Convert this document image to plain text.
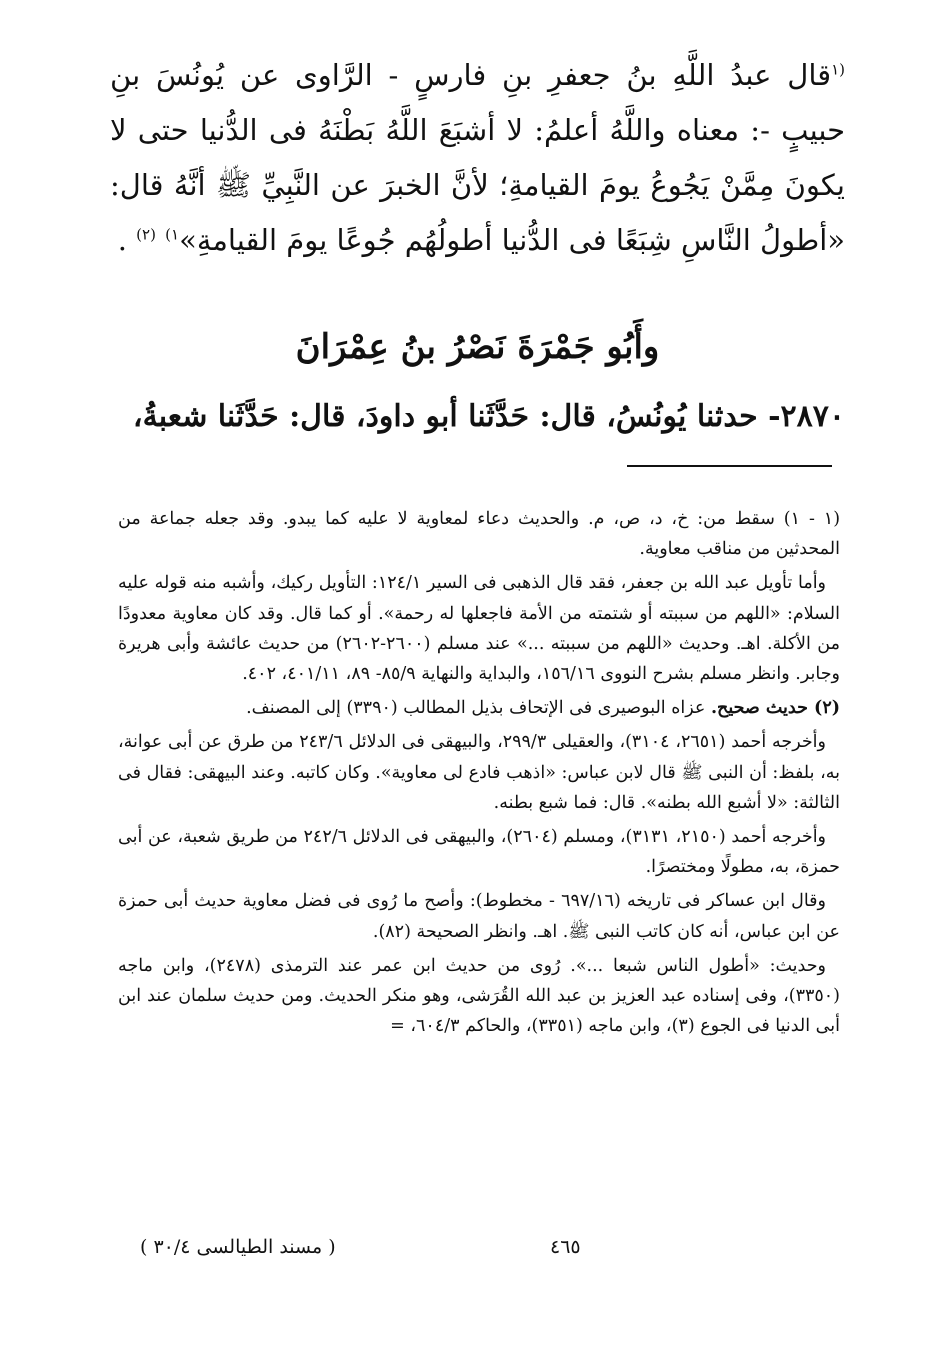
$^{(١}$قال عبدُ اللَّهِ بنُ جعفرِ بنِ فارسٍ - الرَّاوى عن يُونُسَ بنِ حبيبٍ -: معناه واللَّهُ أعلمُ: لا أشبَعَ اللَّهُ بَطْنَهُ فى الدُّنيا حتى لا يكونَ مِمَّنْ يَجُوعُ يومَ القيامةِ؛ لأنَّ الخبرَ عن النَّبِيِّ ﷺ أنَّهُ قال: «أطولُ النَّاسِ شِبَعًا فى الدُّنيا أطولُهُم جُوعًا يومَ القيامةِ»$^{١)}$ $^{(٢)}$ .

وأَبُو جَمْرَةَ نَصْرُ بنُ عِمْرَانَ
٢٨٧٠- حدثنا يُونُسُ، قال: حَدَّثَنا أبو داودَ، قال: حَدَّثَنا شعبةُ،

(١ - ١) سقط من: خ، د، ص، م. والحديث دعاء لمعاوية لا عليه كما يبدو. وقد جعله جماعة من المحدثين من مناقب معاوية.

وأما تأويل عبد الله بن جعفر، فقد قال الذهبى فى السير ١٢٤/١: التأويل ركيك، وأشبه منه قوله عليه السلام: «اللهم من سببته أو شتمته من الأمة فاجعلها له رحمة». أو كما قال. وقد كان معاوية معدودًا من الأكلة. اهـ. وحديث «اللهم من سببته ...» عند مسلم (٢٦٠٠-٢٦٠٢) من حديث عائشة وأبى هريرة وجابر. وانظر مسلم بشرح النووى ١٥٦/١٦، والبداية والنهاية ٨٥/٩- ٨٩، ٤٠١/١١، ٤٠٢.

(٢) حديث صحيح. عزاه البوصيرى فى الإتحاف بذيل المطالب (٣٣٩٠) إلى المصنف.

وأخرجه أحمد (٢٦٥١، ٣١٠٤)، والعقيلى ٢٩٩/٣، والبيهقى فى الدلائل ٢٤٣/٦ من طرق عن أبى عوانة، به، بلفظ: أن النبى ﷺ قال لابن عباس: «اذهب فادع لى معاوية». وكان كاتبه. وعند البيهقى: فقال فى الثالثة: «لا أشبع الله بطنه». قال: فما شبع بطنه.

وأخرجه أحمد (٢١٥٠، ٣١٣١)، ومسلم (٢٦٠٤)، والبيهقى فى الدلائل ٢٤٢/٦ من طريق شعبة، عن أبى حمزة، به، مطولًا ومختصرًا.

وقال ابن عساكر فى تاريخه (٦٩٧/١٦ - مخطوط): وأصح ما رُوى فى فضل معاوية حديث أبى حمزة عن ابن عباس، أنه كان كاتب النبى ﷺ. اهـ. وانظر الصحيحة (٨٢).

وحديث: «أطول الناس شبعا ...». رُوى من حديث ابن عمر عند الترمذى (٢٤٧٨)، وابن ماجه (٣٣٥٠)، وفى إسناده عبد العزيز بن عبد الله القُرَشى، وهو منكر الحديث. ومن حديث سلمان عند ابن أبى الدنيا فى الجوع (٣)، وابن ماجه (٣٣٥١)، والحاكم ٦٠٤/٣، =

٤٦٥
( مسند الطيالسى ٣٠/٤ )
